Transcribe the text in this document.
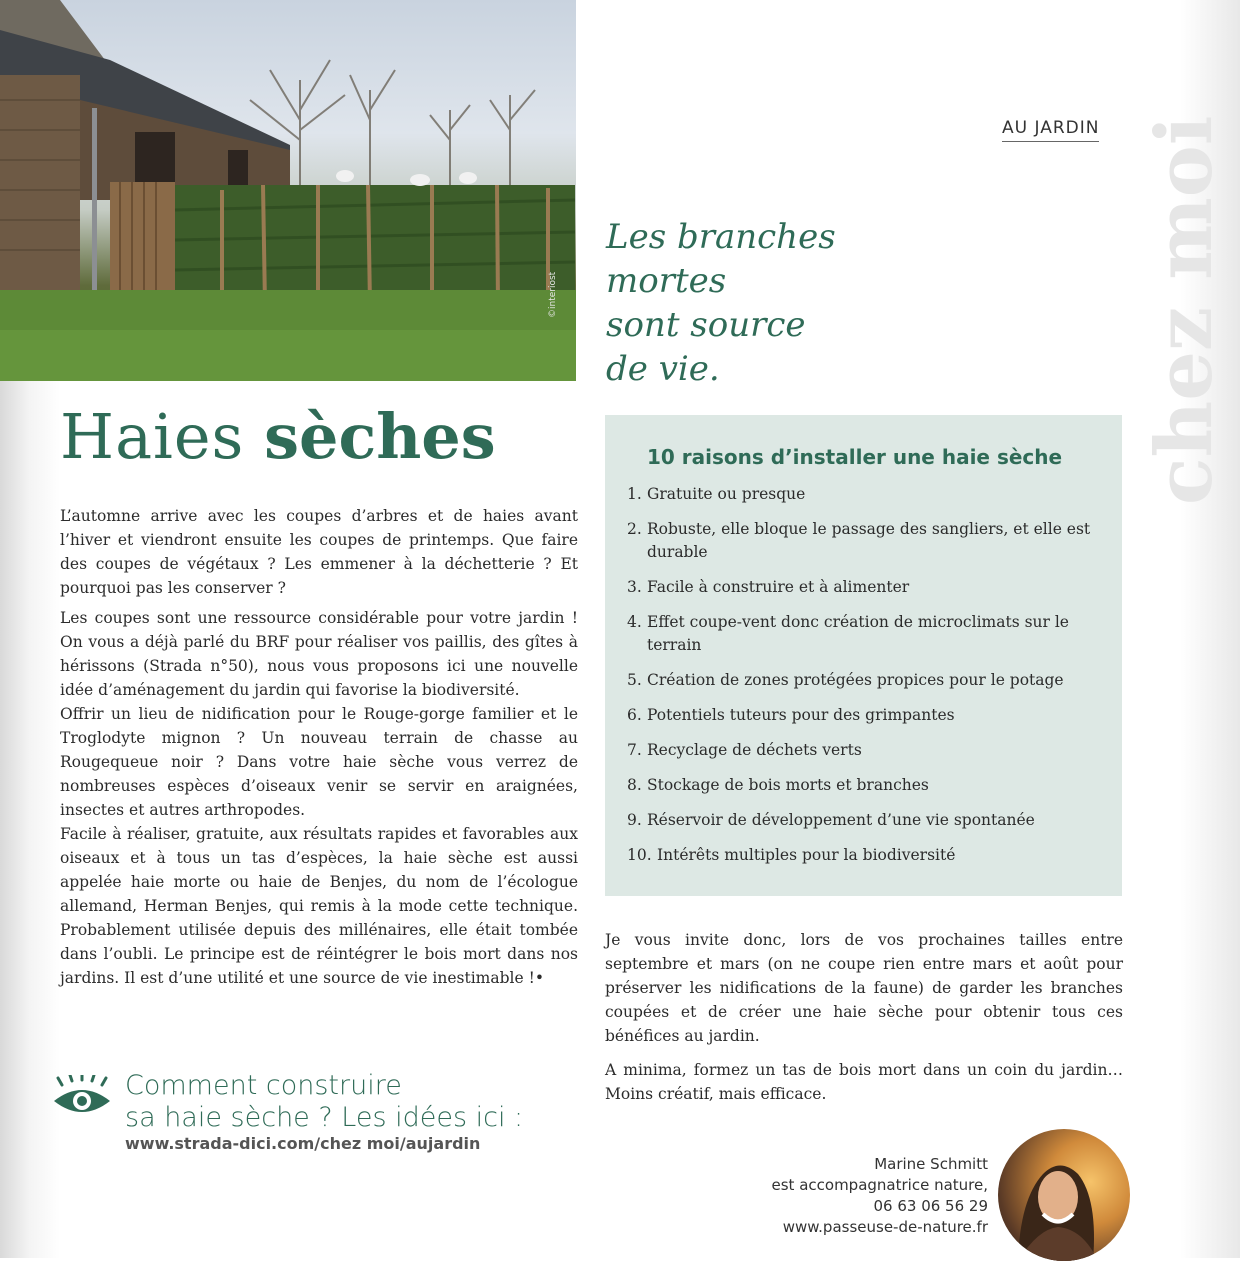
©interiost
AU JARDIN chez moi
Les branches
mortes
sont source
de vie.
Haies sèches

L’automne arrive avec les coupes d’arbres et de haies avant l’hiver et viendront ensuite les coupes de printemps. Que faire des coupes de végétaux ? Les emmener à la déchetterie ? Et pourquoi pas les conserver ?

Les coupes sont une ressource considérable pour votre jardin ! On vous a déjà parlé du BRF pour réaliser vos paillis, des gîtes à hérissons (Strada n°50), nous vous proposons ici une nouvelle idée d’aménagement du jardin qui favorise la biodiversité.

Offrir un lieu de nidification pour le Rouge-gorge familier et le Troglodyte mignon ? Un nouveau terrain de chasse au Rougequeue noir ? Dans votre haie sèche vous verrez de nombreuses espèces d’oiseaux venir se servir en araignées, insectes et autres arthropodes.

Facile à réaliser, gratuite, aux résultats rapides et favorables aux oiseaux et à tous un tas d’espèces, la haie sèche est aussi appelée haie morte ou haie de Benjes, du nom de l’écologue allemand, Herman Benjes, qui remis à la mode cette technique. Probablement utilisée depuis des millénaires, elle était tombée dans l’oubli. Le principe est de réintégrer le bois mort dans nos jardins. Il est d’une utilité et une source de vie inestimable !•

10 raisons d’installer une haie sèche
1. Gratuite ou presque
2. Robuste, elle bloque le passage des sangliers, et elle est durable
3. Facile à construire et à alimenter
4. Effet coupe-vent donc création de microclimats sur le terrain
5. Création de zones protégées propices pour le potage
6. Potentiels tuteurs pour des grimpantes
7. Recyclage de déchets verts
8. Stockage de bois morts et branches
9. Réservoir de développement d’une vie spontanée
10. Intérêts multiples pour la biodiversité

Je vous invite donc, lors de vos prochaines tailles entre septembre et mars (on ne coupe rien entre mars et août pour préserver les nidifications de la faune) de garder les branches coupées et de créer une haie sèche pour obtenir tous ces bénéfices au jardin.

A minima, formez un tas de bois mort dans un coin du jardin… Moins créatif, mais efficace.

Comment construire
sa haie sèche ? Les idées ici :
www.strada-dici.com/chez moi/aujardin
Marine Schmitt
est accompagnatrice nature,
06 63 06 56 29
www.passeuse-de-nature.fr
